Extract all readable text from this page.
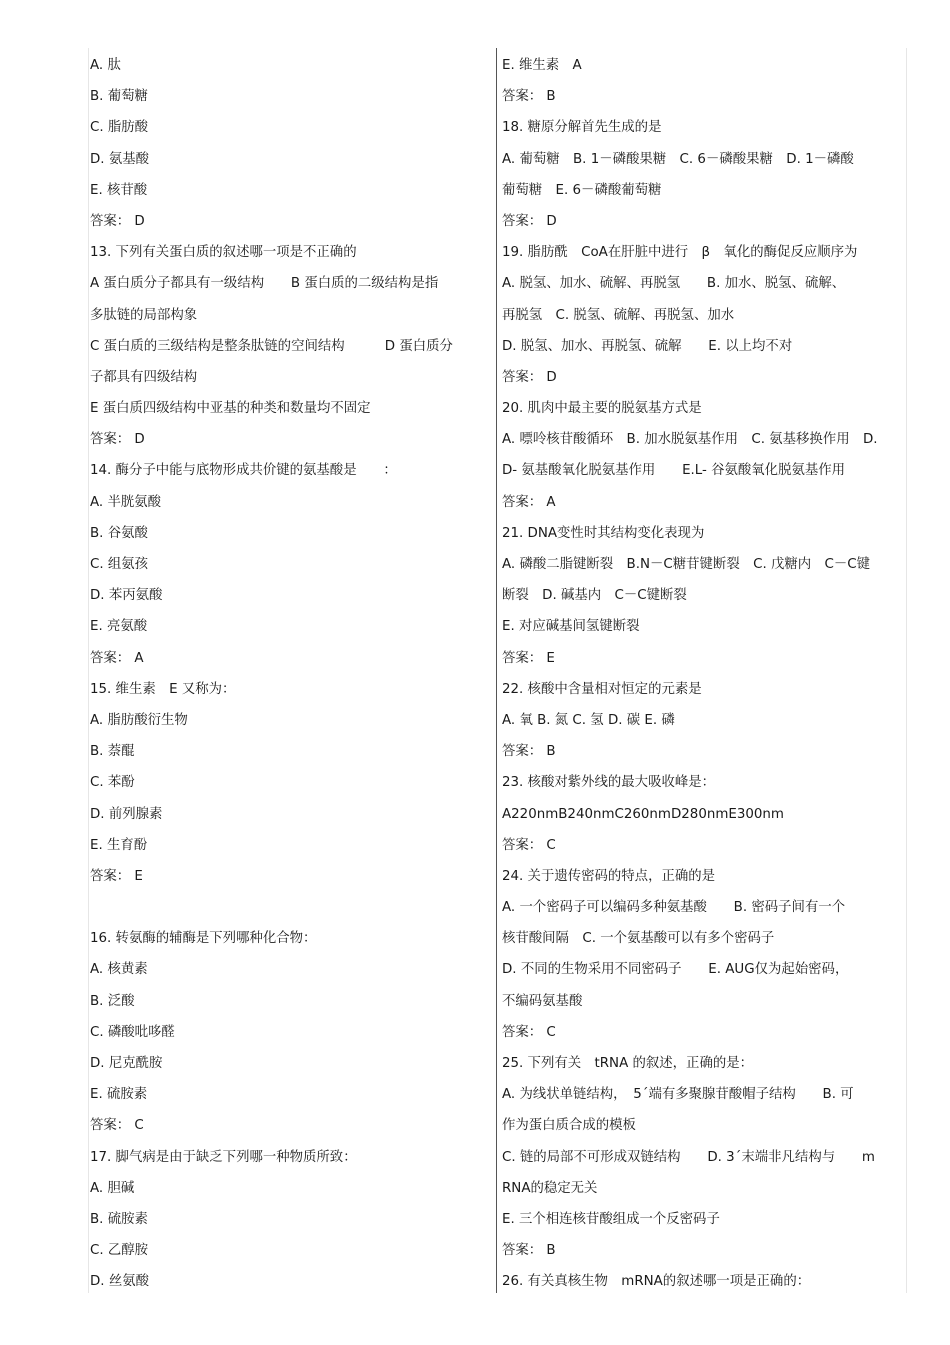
A. 肽
B. 葡萄糖
C. 脂肪酸
D. 氨基酸
E. 核苷酸
答案： D
13. 下列有关蛋白质的叙述哪一项是不正确的
A 蛋白质分子都具有一级结构　　B 蛋白质的二级结构是指
多肽链的局部构象
C 蛋白质的三级结构是整条肽链的空间结构　　　D 蛋白质分
子都具有四级结构
E 蛋白质四级结构中亚基的种类和数量均不固定
答案： D
14. 酶分子中能与底物形成共价键的氨基酸是　　：
A. 半胱氨酸
B. 谷氨酸
C. 组氨孩
D. 苯丙氨酸
E. 亮氨酸
答案： A
15. 维生素　E 又称为：
A. 脂肪酸衍生物
B. 萘醌
C. 苯酚
D. 前列腺素
E. 生育酚
答案： E
16. 转氨酶的辅酶是下列哪种化合物：
A. 核黄素
B. 泛酸
C. 磷酸吡哆醛
D. 尼克酰胺
E. 硫胺素
答案： C
17. 脚气病是由于缺乏下列哪一种物质所致：
A. 胆碱
B. 硫胺素
C. 乙醇胺
D. 丝氨酸
E. 维生素　A
答案： B
18. 糖原分解首先生成的是
A. 葡萄糖　B. 1－磷酸果糖　C. 6－磷酸果糖　D. 1－磷酸
葡萄糖　E. 6－磷酸葡萄糖
答案： D
19. 脂肪酰　CoA在肝脏中进行　β　氧化的酶促反应顺序为
A. 脱氢、加水、硫解、再脱氢　　B. 加水、脱氢、硫解、
再脱氢　C. 脱氢、硫解、再脱氢、加水
D. 脱氢、加水、再脱氢、硫解　　E. 以上均不对
答案： D
20. 肌肉中最主要的脱氨基方式是
A. 嘌呤核苷酸循环　B. 加水脱氨基作用　C. 氨基移换作用　D.
D- 氨基酸氧化脱氨基作用　　E.L- 谷氨酸氧化脱氨基作用
答案： A
21. DNA变性时其结构变化表现为
A. 磷酸二脂键断裂　B.N－C糖苷键断裂　C. 戊糖内　C－C键
断裂　D. 碱基内　C－C键断裂
E. 对应碱基间氢键断裂
答案： E
22. 核酸中含量相对恒定的元素是
A. 氧 B. 氮 C. 氢 D. 碳 E. 磷
答案： B
23. 核酸对紫外线的最大吸收峰是：
A220nmB240nmC260nmD280nmE300nm
答案： C
24. 关于遗传密码的特点，正确的是
A. 一个密码子可以编码多种氨基酸　　B. 密码子间有一个
核苷酸间隔　C. 一个氨基酸可以有多个密码子
D. 不同的生物采用不同密码子　　E. AUG仅为起始密码，
不编码氨基酸
答案： C
25. 下列有关　tRNA 的叙述，正确的是：
A. 为线状单链结构，　5ˊ端有多聚腺苷酸帽子结构　　B. 可
作为蛋白质合成的模板
C. 链的局部不可形成双链结构　　D. 3ˊ末端非凡结构与　　m
RNA的稳定无关
E. 三个相连核苷酸组成一个反密码子
答案： B
26. 有关真核生物　mRNA的叙述哪一项是正确的：
